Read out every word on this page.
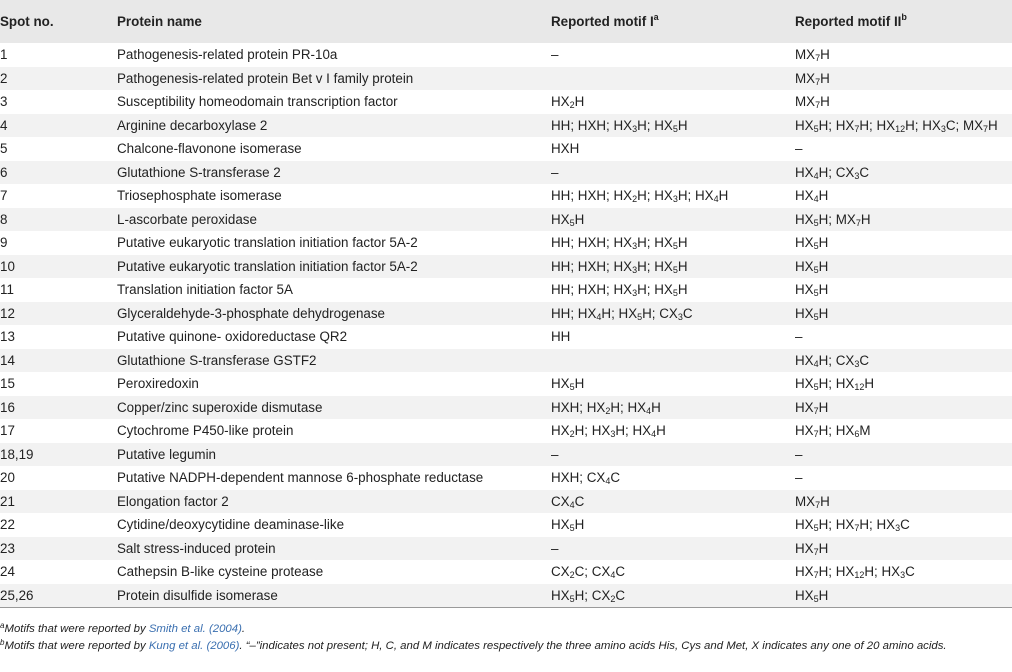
Spot no.	Protein name	Reported motif $I^a$	Reported motif $II^b$
1	Pathogenesis-related protein PR-10a	–	$MX_7H$
2	Pathogenesis-related protein Bet v I family protein		$MX_7H$
3	Susceptibility homeodomain transcription factor	$HX_2H$	$MX_7H$
4	Arginine decarboxylase 2	HH; HXH; $HX_3H$; $HX_5H$	$HX_5H$; $HX_7H$; $HX_{12}H$; $HX_3C$; $MX_7H$
5	Chalcone-flavonone isomerase	HXH	–
6	Glutathione S-transferase 2	–	$HX_4H$; $CX_3C$
7	Triosephosphate isomerase	HH; HXH; $HX_2H$; $HX_3H$; $HX_4H$	$HX_4H$
8	L-ascorbate peroxidase	$HX_5H$	$HX_5H$; $MX_7H$
9	Putative eukaryotic translation initiation factor 5A-2	HH; HXH; $HX_3H$; $HX_5H$	$HX_5H$
10	Putative eukaryotic translation initiation factor 5A-2	HH; HXH; $HX_3H$; $HX_5H$	$HX_5H$
11	Translation initiation factor 5A	HH; HXH; $HX_3H$; $HX_5H$	$HX_5H$
12	Glyceraldehyde-3-phosphate dehydrogenase	HH; $HX_4H$; $HX_5H$; $CX_3C$	$HX_5H$
13	Putative quinone- oxidoreductase QR2	HH	–
14	Glutathione S-transferase GSTF2		$HX_4H$; $CX_3C$
15	Peroxiredoxin	$HX_5H$	$HX_5H$; $HX_{12}H$
16	Copper/zinc superoxide dismutase	HXH; $HX_2H$; $HX_4H$	$HX_7H$
17	Cytochrome P450-like protein	$HX_2H$; $HX_3H$; $HX_4H$	$HX_7H$; $HX_6M$
18,19	Putative legumin	–	–
20	Putative NADPH-dependent mannose 6-phosphate reductase	HXH; $CX_4C$	–
21	Elongation factor 2	$CX_4C$	$MX_7H$
22	Cytidine/deoxycytidine deaminase-like	$HX_5H$	$HX_5H$; $HX_7H$; $HX_3C$
23	Salt stress-induced protein	–	$HX_7H$
24	Cathepsin B-like cysteine protease	$CX_2C$; $CX_4C$	$HX_7H$; $HX_{12}H$; $HX_3C$
25,26	Protein disulfide isomerase	$HX_5H$; $CX_2C$	$HX_5H$
$^a$Motifs that were reported by Smith et al. (2004).
$^b$Motifs that were reported by Kung et al. (2006). “–”indicates not present; H, C, and M indicates respectively the three amino acids His, Cys and Met, X indicates any one of 20 amino acids.
